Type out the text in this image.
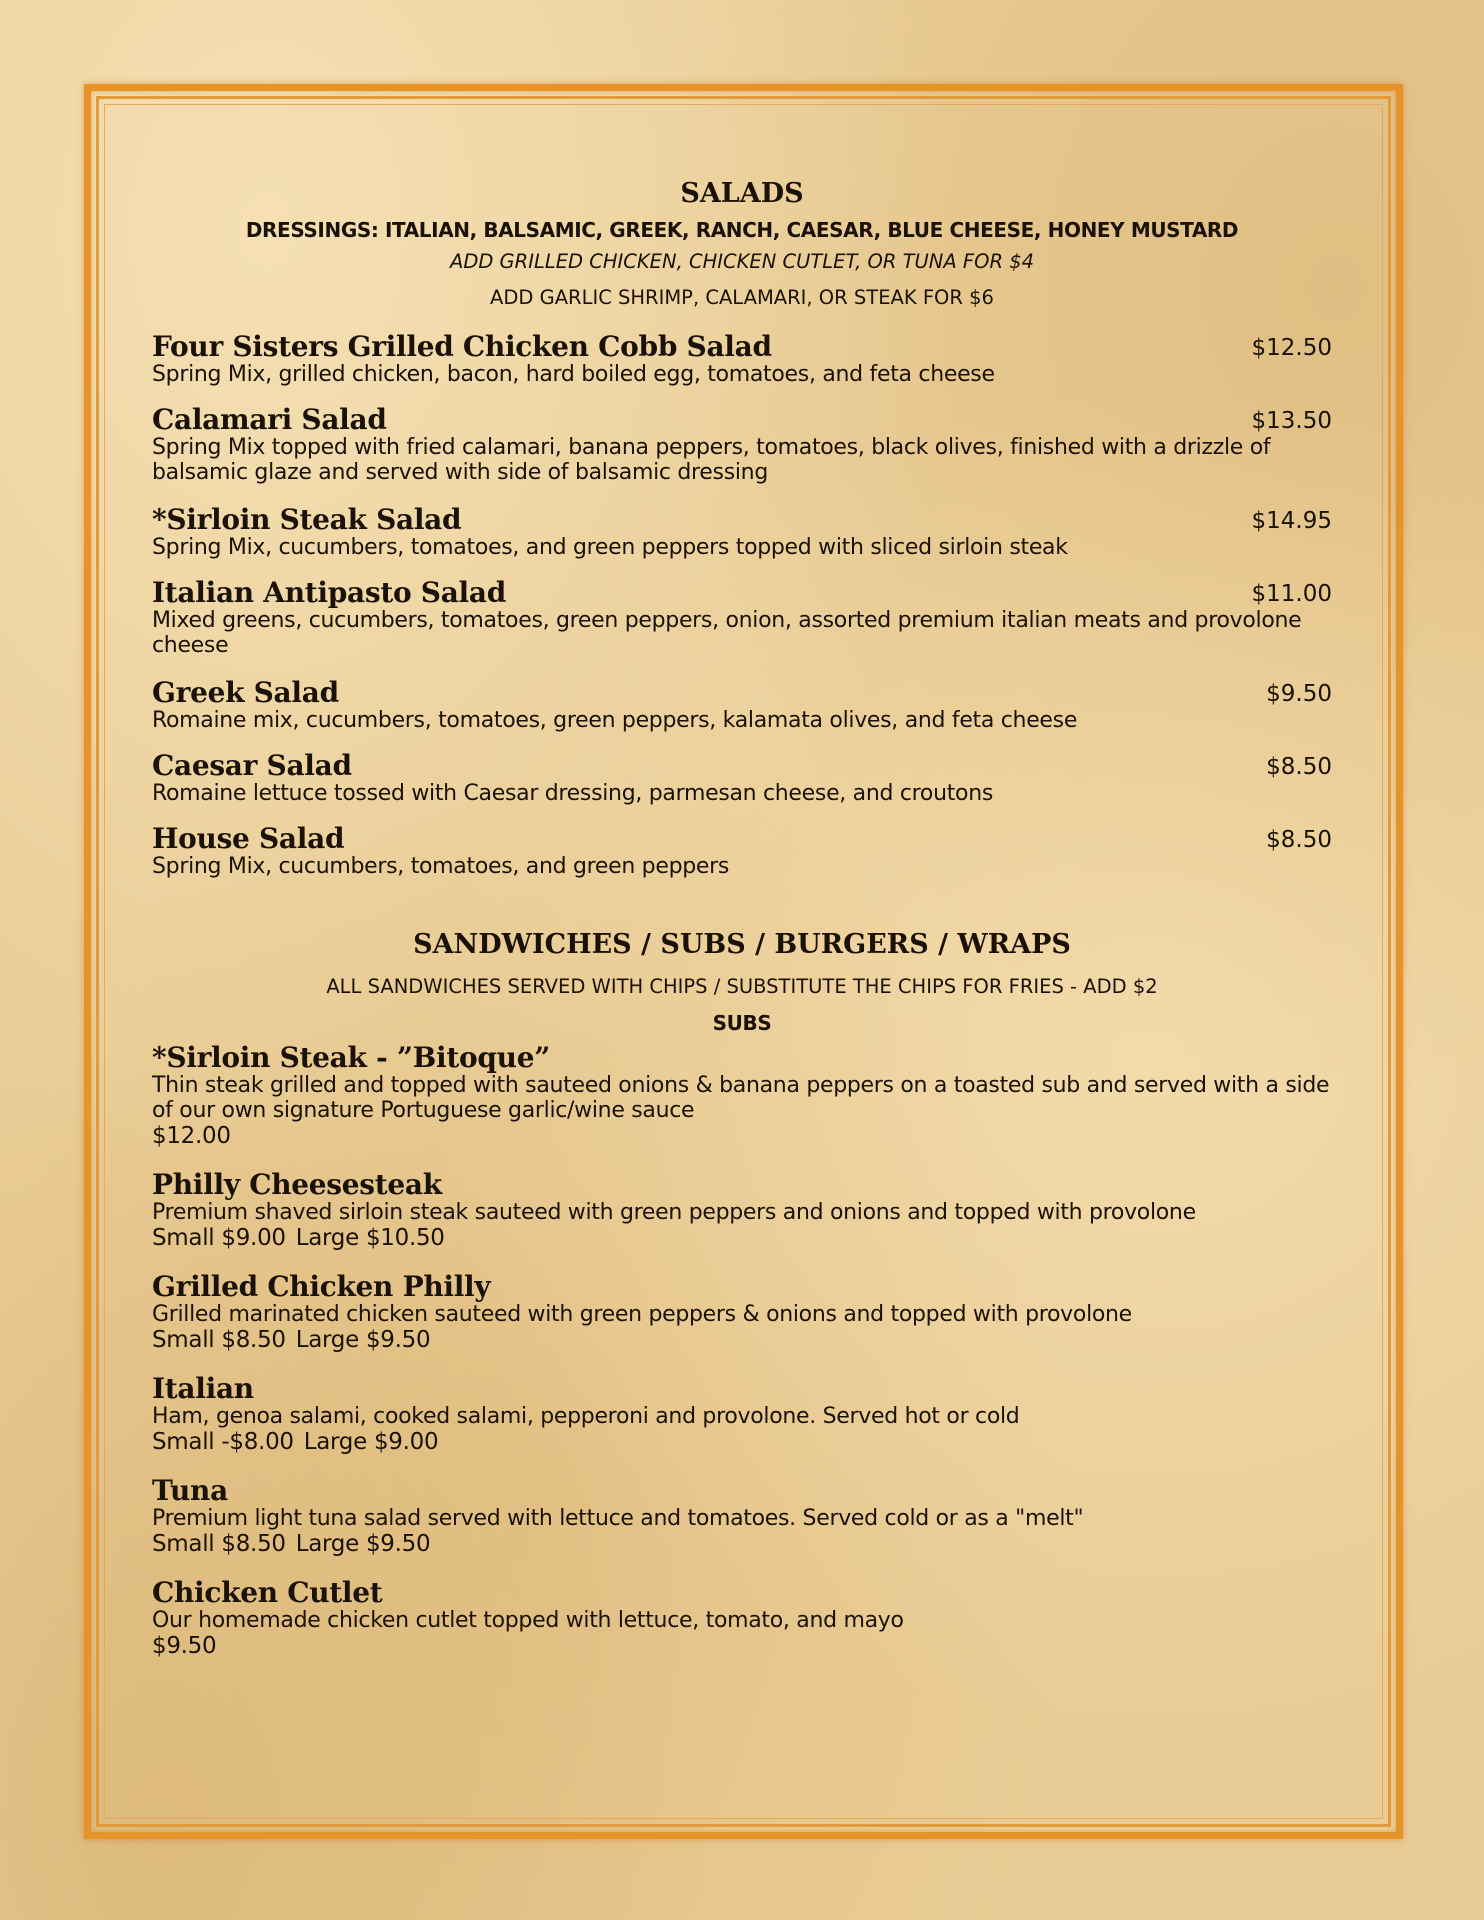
SALADS
DRESSINGS: ITALIAN, BALSAMIC, GREEK, RANCH, CAESAR, BLUE CHEESE, HONEY MUSTARD
ADD GRILLED CHICKEN, CHICKEN CUTLET, OR TUNA FOR $4
ADD GARLIC SHRIMP, CALAMARI, OR STEAK FOR $6
Four Sisters Grilled Chicken Cobb Salad	$12.50
Spring Mix, grilled chicken, bacon, hard boiled egg, tomatoes, and feta cheese
Calamari Salad	$13.50
Spring Mix topped with fried calamari, banana peppers, tomatoes, black olives, finished with a drizzle of balsamic glaze and served with side of balsamic dressing
*Sirloin Steak Salad	$14.95
Spring Mix, cucumbers, tomatoes, and green peppers topped with sliced sirloin steak
Italian Antipasto Salad	$11.00
Mixed greens, cucumbers, tomatoes, green peppers, onion, assorted premium italian meats and provolone cheese
Greek Salad	$9.50
Romaine mix, cucumbers, tomatoes, green peppers, kalamata olives, and feta cheese
Caesar Salad	$8.50
Romaine lettuce tossed with Caesar dressing, parmesan cheese, and croutons
House Salad	$8.50
Spring Mix, cucumbers, tomatoes, and green peppers
SANDWICHES / SUBS / BURGERS / WRAPS
ALL SANDWICHES SERVED WITH CHIPS / SUBSTITUTE THE CHIPS FOR FRIES - ADD $2
SUBS
*Sirloin Steak - ”Bitoque”
Thin steak grilled and topped with sauteed onions & banana peppers on a toasted sub and served with a side of our own signature Portuguese garlic/wine sauce
$12.00
Philly Cheesesteak
Premium shaved sirloin steak sauteed with green peppers and onions and topped with provolone
Small $9.00 Large $10.50
Grilled Chicken Philly
Grilled marinated chicken sauteed with green peppers & onions and topped with provolone
Small $8.50 Large $9.50
Italian
Ham, genoa salami, cooked salami, pepperoni and provolone. Served hot or cold
Small -$8.00 Large $9.00
Tuna
Premium light tuna salad served with lettuce and tomatoes. Served cold or as a "melt"
Small $8.50 Large $9.50
Chicken Cutlet
Our homemade chicken cutlet topped with lettuce, tomato, and mayo
$9.50
